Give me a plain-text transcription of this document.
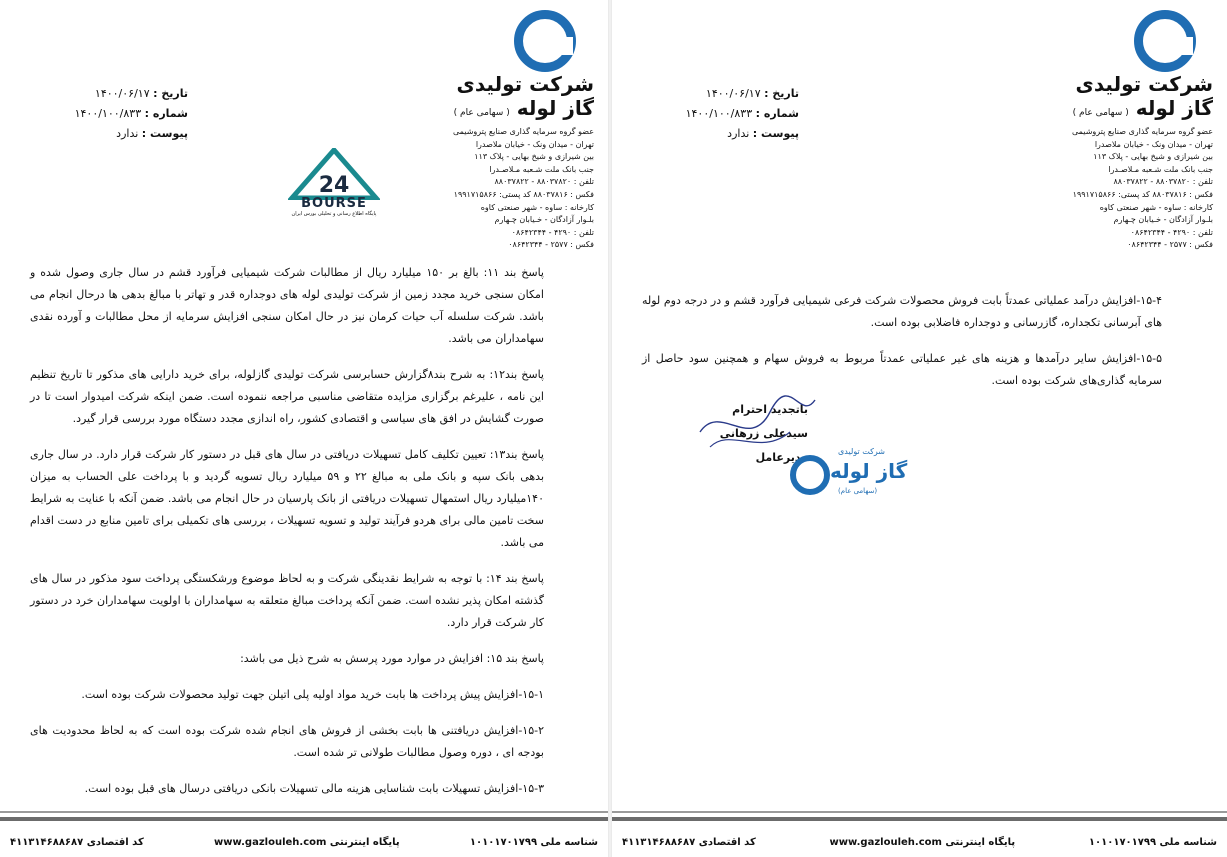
شرکت تولیدی
گاز لوله ( سهامی عام )
عضو گروه سرمایه گذاری صنایع پتروشیمی
تهران - میدان ونک - خیابان ملاصدرا
بین شیرازی و شیخ بهایی - پلاک ۱۱۳
جنب بانک ملت شـعبه مـلاصـدرا
تلفن : ۸۸۰۳۷۸۲۰ - ۸۸۰۳۷۸۲۲
فکس : ۸۸۰۳۷۸۱۶ کد پستی: ۱۹۹۱۷۱۵۸۶۶
کارخانه : ساوه - شهر صنعتی کاوه
بلـوار آزادگان - خـیابان چـهارم
تلفن : ۴۲۹۰ - ۰۸۶۴۲۳۴۴
فکس : ۲۵۷۷ - ۰۸۶۴۲۳۴۴
تاریخ : ۱۴۰۰/۰۶/۱۷
شماره : ۱۴۰۰/۱۰۰/۸۳۳
پیوست : ندارد
24
BOURSE
پایگاه اطلاع رسانی و تحلیلی بورس ایران

پاسخ بند ۱۱: بالغ بر ۱۵۰ میلیارد ریال از مطالبات شرکت شیمیایی فرآورد قشم در سال جاری وصول شده و امکان سنجی خرید مجدد زمین از شرکت تولیدی لوله های دوجداره قدر و تهاتر با مبالغ بدهی ها درحال انجام می باشد. شرکت سلسله آب حیات کرمان نیز در حال امکان سنجی افزایش سرمایه از محل مطالبات و آورده نقدی سهامداران می باشد.

پاسخ بند۱۲: به شرح بند۸گزارش حسابرسی شرکت تولیدی گازلوله، برای خرید دارایی های مذکور تا تاریخ تنظیم این نامه ، علیرغم برگزاری مزایده متقاضی مناسبی مراجعه ننموده است. ضمن اینکه شرکت امیدوار است تا در صورت گشایش در افق های سیاسی و اقتصادی کشور، راه اندازی مجدد دستگاه مورد بررسی قرار گیرد.

پاسخ بند۱۳: تعیین تکلیف کامل تسهیلات دریافتی در سال های قبل در دستور کار شرکت قرار دارد. در سال جاری بدهی بانک سپه و بانک ملی به مبالغ ۲۲ و ۵۹ میلیارد ریال تسویه گردید و با پرداخت علی الحساب به میزان ۱۴۰میلیارد ریال استمهال تسهیلات دریافتی از بانک پارسیان در حال انجام می باشد. ضمن آنکه با عنایت به شرایط سخت تامین مالی برای هردو فرآیند تولید و تسویه تسهیلات ، بررسی های تکمیلی برای تامین منابع در دست اقدام می باشد.

پاسخ بند ۱۴: با توجه به شرایط نقدینگی شرکت و به لحاظ موضوع ورشکستگی پرداخت سود مذکور در سال های گذشته امکان پذیر نشده است. ضمن آنکه پرداخت مبالغ متعلقه به سهامداران با اولویت سهامداران خرد در دستور کار شرکت قرار دارد.

پاسخ بند ۱۵: افزایش در موارد مورد پرسش به شرح ذیل می باشد:

۱۵-۱-افزایش پیش پرداخت ها بابت خرید مواد اولیه پلی اتیلن جهت تولید محصولات شرکت بوده است.

۱۵-۲-افزایش دریافتنی ها بابت بخشی از فروش های انجام شده شرکت بوده است که به لحاظ محدودیت های بودجه ای ، دوره وصول مطالبات طولانی تر شده است.

۱۵-۳-افزایش تسهیلات بابت شناسایی هزینه مالی تسهیلات بانکی دریافتی درسال های قبل بوده است.

شناسه ملی ۱۰۱۰۱۷۰۱۷۹۹
پایگاه اینترنتی www.gazlouleh.com
کد اقتصادی ۴۱۱۳۱۴۶۸۸۶۸۷
شرکت تولیدی
گاز لوله ( سهامی عام )
عضو گروه سرمایه گذاری صنایع پتروشیمی
تهران - میدان ونک - خیابان ملاصدرا
بین شیرازی و شیخ بهایی - پلاک ۱۱۳
جنب بانک ملت شـعبه مـلاصـدرا
تلفن : ۸۸۰۳۷۸۲۰ - ۸۸۰۳۷۸۲۲
فکس : ۸۸۰۳۷۸۱۶ کد پستی: ۱۹۹۱۷۱۵۸۶۶
کارخانه : ساوه - شهر صنعتی کاوه
بلـوار آزادگان - خـیابان چـهارم
تلفن : ۴۲۹۰ - ۰۸۶۴۲۳۴۴
فکس : ۲۵۷۷ - ۰۸۶۴۲۳۴۴
تاریخ : ۱۴۰۰/۰۶/۱۷
شماره : ۱۴۰۰/۱۰۰/۸۳۳
پیوست : ندارد

۱۵-۴-افزایش درآمد عملیاتی عمدتاً بابت فروش محصولات شرکت فرعی شیمیایی فرآورد قشم و در درجه دوم لوله های آبرسانی تکجداره، گازرسانی و دوجداره فاضلابی بوده است.

۱۵-۵-افزایش سایر درآمدها و هزینه های غیر عملیاتی عمدتاً مربوط به فروش سهام و همچنین سود حاصل از سرمایه گذاری‌های شرکت بوده است.

باتجدید احترام
سیدعلی زرهانی
مدیرعامل
شناسه ملی ۱۰۱۰۱۷۰۱۷۹۹
پایگاه اینترنتی www.gazlouleh.com
کد اقتصادی ۴۱۱۳۱۴۶۸۸۶۸۷
شرکت تولیدی
گاز لوله
(سهامی عام)
